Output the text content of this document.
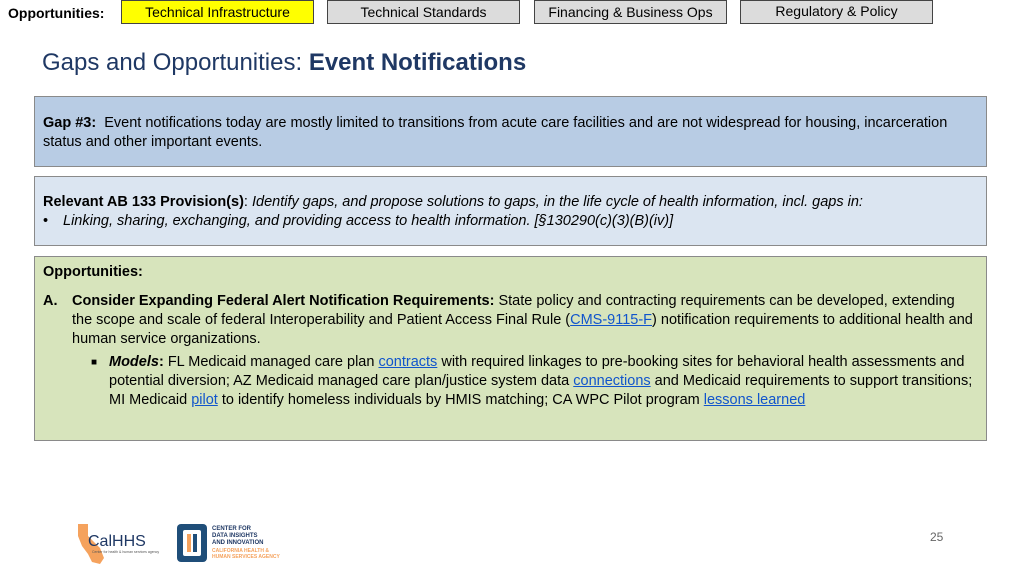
Opportunities:	Technical Infrastructure	Technical Standards	Financing & Business Ops	Regulatory & Policy
Gaps and Opportunities: Event Notifications
Gap #3: Event notifications today are mostly limited to transitions from acute care facilities and are not widespread for housing, incarceration status and other important events.
Relevant AB 133 Provision(s): Identify gaps, and propose solutions to gaps, in the life cycle of health information, incl. gaps in:
•	Linking, sharing, exchanging, and providing access to health information. [§130290(c)(3)(B)(iv)]
Opportunities:
A.	Consider Expanding Federal Alert Notification Requirements: State policy and contracting requirements can be developed, extending the scope and scale of federal Interoperability and Patient Access Final Rule (CMS-9115-F) notification requirements to additional health and human service organizations.
■ Models: FL Medicaid managed care plan contracts with required linkages to pre-booking sites for behavioral health assessments and potential diversion; AZ Medicaid managed care plan/justice system data connections and Medicaid requirements to support transitions; MI Medicaid pilot to identify homeless individuals by HMIS matching; CA WPC Pilot program lessons learned
CalHHS
Center for health & human services agency
CENTER FOR
DATA INSIGHTS
AND INNOVATION
CALIFORNIA HEALTH &
HUMAN SERVICES AGENCY
25
